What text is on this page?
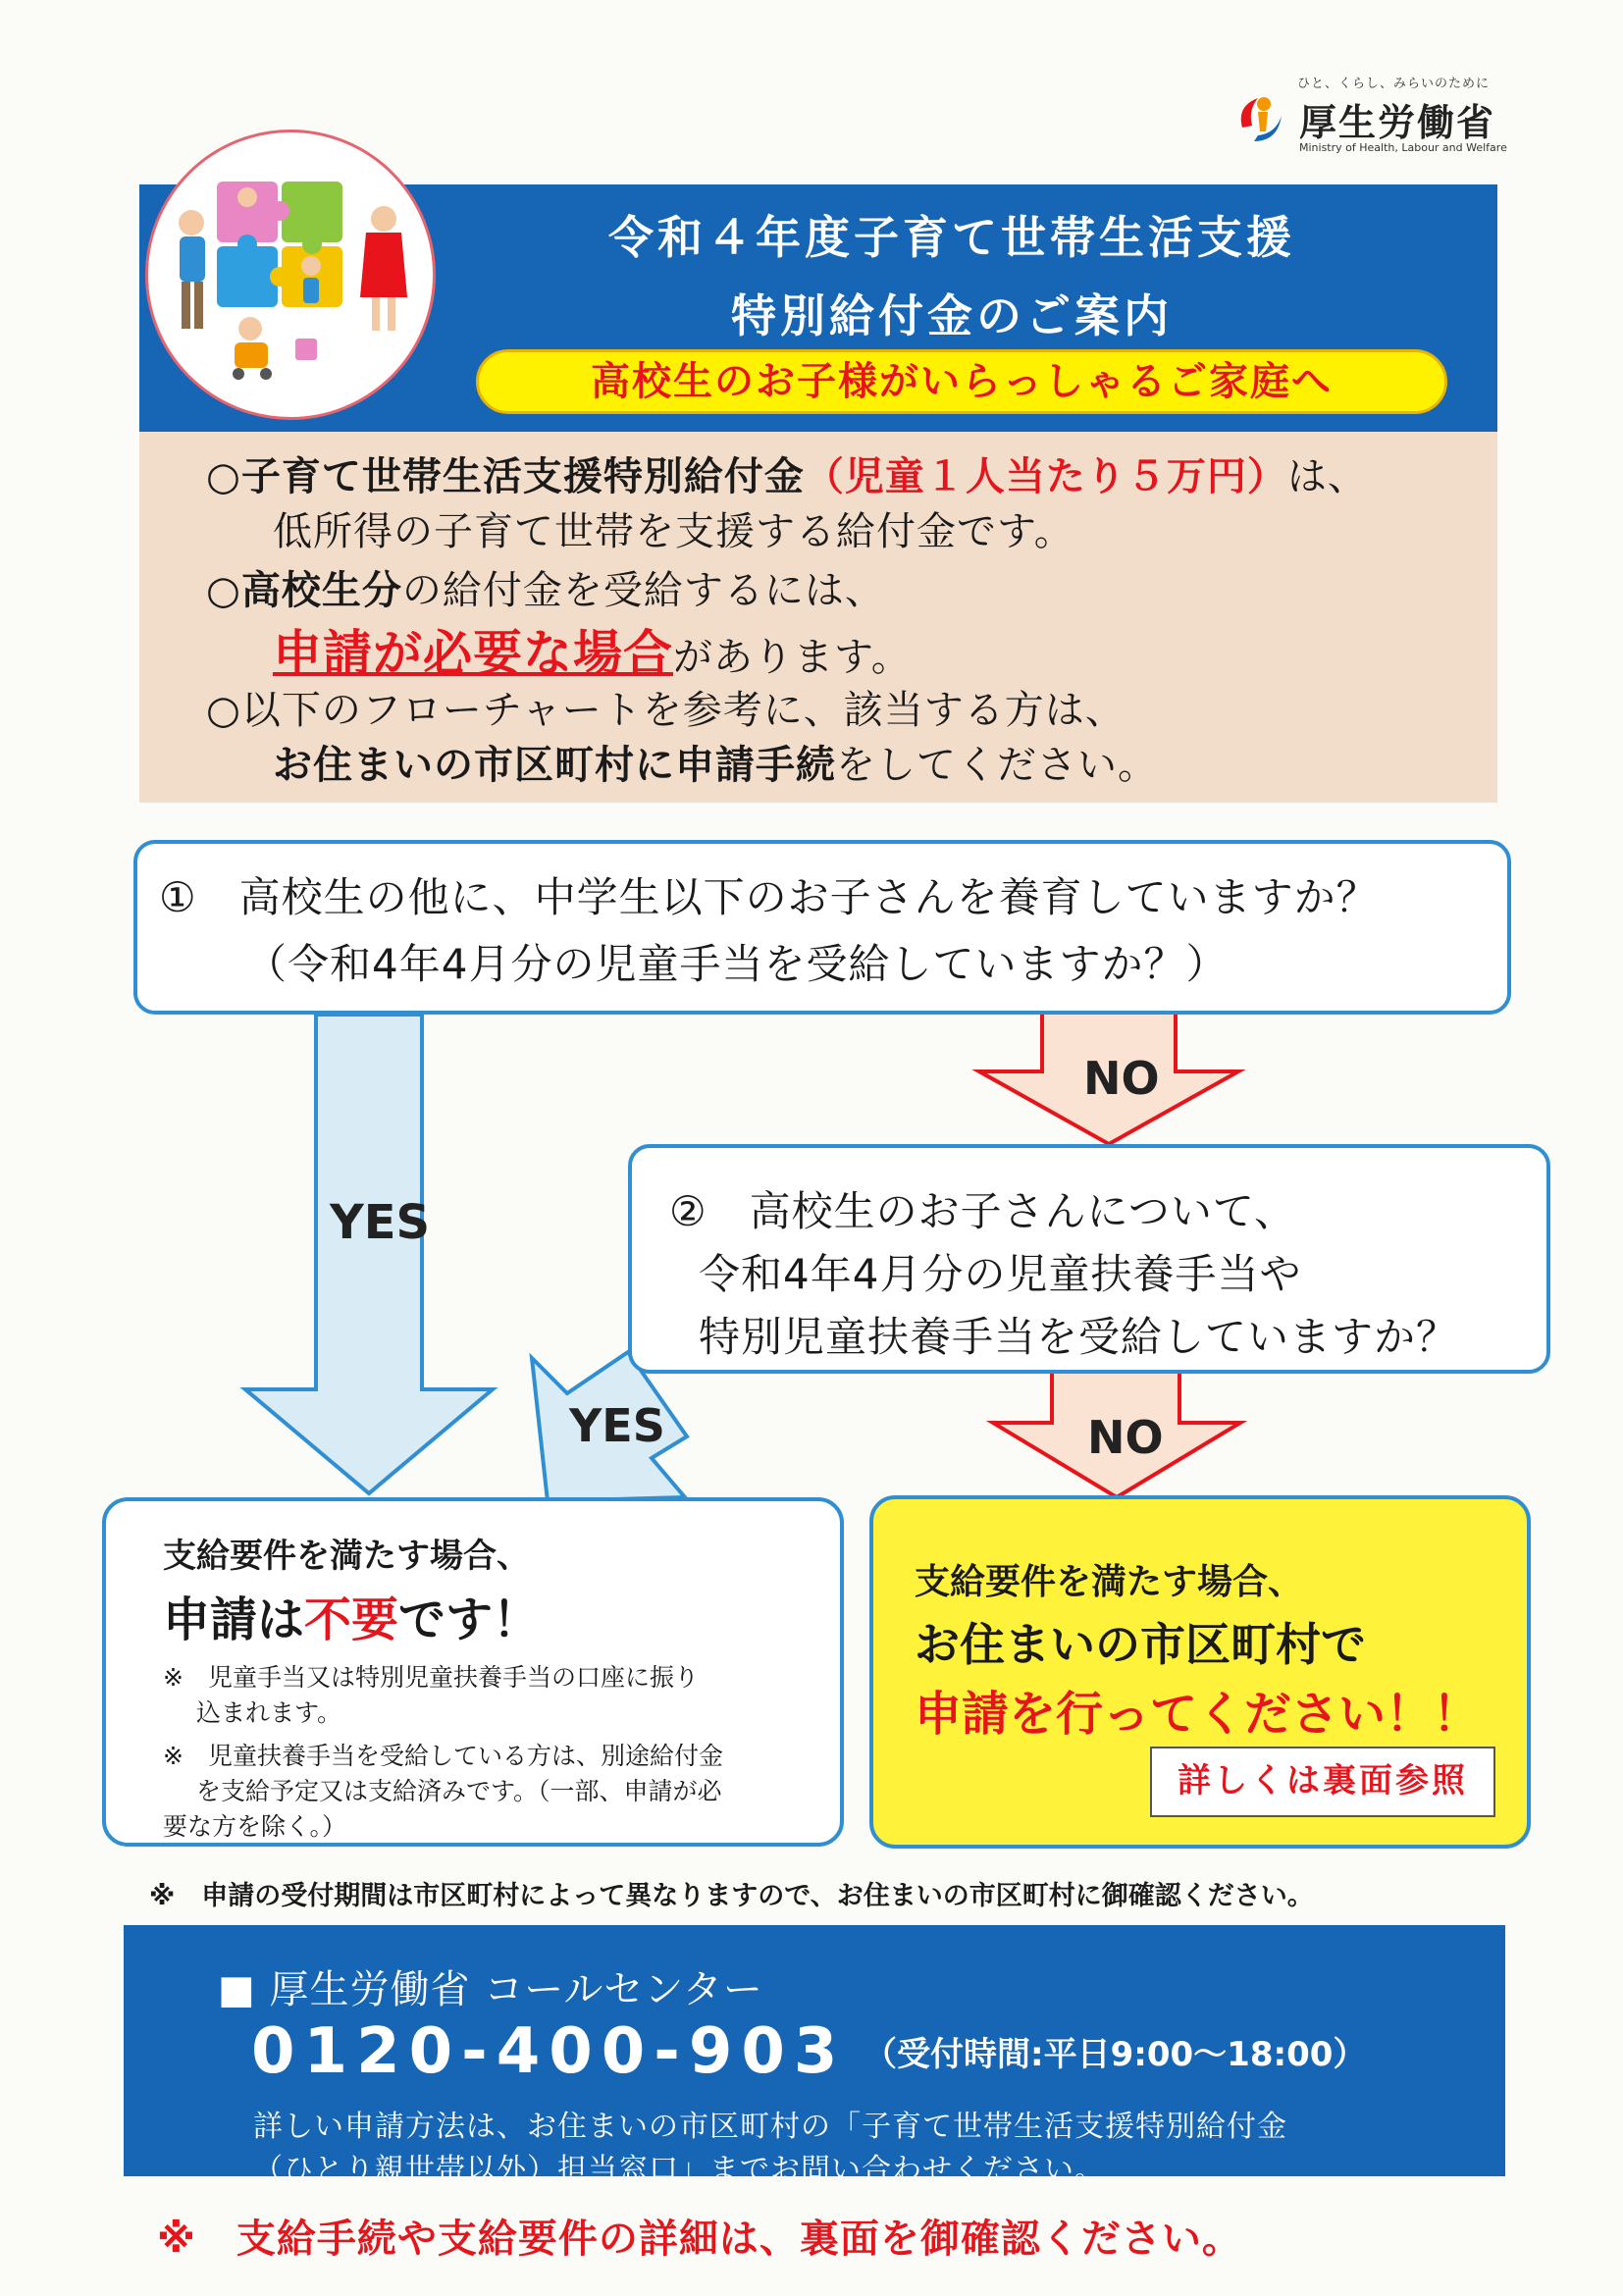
ひと、くらし、みらいのために
厚生労働省
Ministry of Health, Labour and Welfare
令和４年度子育て世帯生活支援
特別給付金のご案内
高校生のお子様がいらっしゃるご家庭へ
○子育て世帯生活支援特別給付金（児童１人当たり５万円）は、
低所得の子育て世帯を支援する給付金です。
○高校生分の給付金を受給するには、
申請が必要な場合があります。
○以下のフローチャートを参考に、該当する方は、
お住まいの市区町村に申請手続をしてください。
YES
NO
NO
YES
①　高校生の他に、中学生以下のお子さんを養育していますか？
（令和4年4月分の児童手当を受給していますか？）
②　高校生のお子さんについて、
令和4年4月分の児童扶養手当や
特別児童扶養手当を受給していますか？
支給要件を満たす場合、
申請は不要です！
※　児童手当又は特別児童扶養手当の口座に振り
込まれます。
※　児童扶養手当を受給している方は、別途給付金
を支給予定又は支給済みです。（一部、申請が必
要な方を除く。）
支給要件を満たす場合、
お住まいの市区町村で
申請を行ってください！！
詳しくは裏面参照
※　申請の受付期間は市区町村によって異なりますので、お住まいの市区町村に御確認ください。
■ 厚生労働省 コールセンター
0120-400-903 （受付時間:平日9:00～18:00）
詳しい申請方法は、お住まいの市区町村の「子育て世帯生活支援特別給付金
（ひとり親世帯以外）担当窓口」までお問い合わせください。
※　支給手続や支給要件の詳細は、裏面を御確認ください。
